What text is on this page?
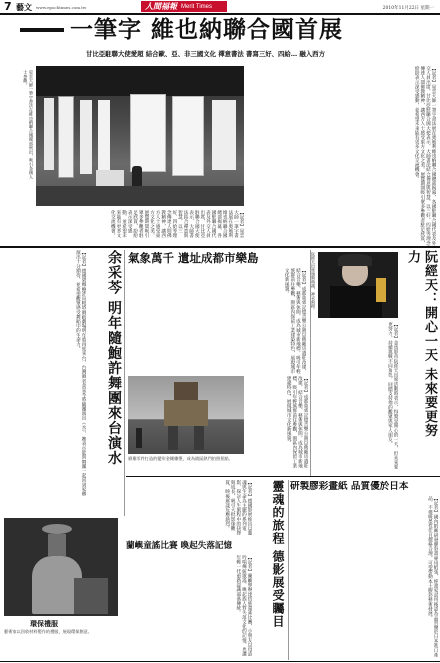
7 藝文 www.epochtimes.com.tw	人間福報 Merit Times	2010年11月22日 星期一
一筆字 維也納聯合國首展
甘比亞駐聯大使愛超 結合歐、亞、非三國文化 禪意書法 書寫三好、四給… 融入西方
星雲大師一筆字書法在維也納聯合國總部展出，吸引各國人士參觀。	【記者】星雲大師一筆字書法展在奧地利維也納聯合國總部揭幕，各國駐聯合國代表及外交人員出席，甘比亞駐聯合國大使表示，大師書法結合禪意與智慧，以三好、四給等理念傳達人間佛教精神，讓西方人士感受東方文化之美。展覽期間吸引眾多參觀者駐足欣賞，紛紛表示深受感動，並希望未來能有更多文化交流機會。
【記者】星雲大師一筆字書法展在奧地利維也納聯合國總部揭幕，各國駐聯合國代表及外交人員出席，甘比亞駐聯合國大使表示，大師書法結合禪意與智慧，以三好、四給等理念傳達人間佛教精神，讓西方人士感受東方文化之美。展覽期間吸引眾多參觀者駐足欣賞，紛紛表示深受感動，並希望未來能有更多文化交流機會。
【記者】德國碧娜鮑許烏帕塔舞蹈劇場明年將再度來台，台灣舞者余采芩將隨團演出《水》，她表示能與舞團一起回到家鄉演出十分期待，並希望觀眾感受舞蹈中的生命力。	余采芩 明年隨鮑許舞團來台演水
環保禮服
藝術家以回收材料製作的禮服，展現環保創意。
氣象萬千 遺址成都市樂島
【記者】成都東郊記憶音樂公園以舊廠房遺址改建，結合音樂、藝術與休閒，成為城市新地標，吸引年輕族群前往參觀，園區內保留工業建築特色，展現城市文化新風貌。
廢棄零件打造的變形金剛雕塑，成為園區熱門拍照景點。	【記者】成都東郊記憶音樂公園以舊廠房遺址改建，結合音樂、藝術與休閒，成為城市新地標，吸引年輕族群前往參觀，園區內保留工業建築特色，展現城市文化新風貌。
阮經天出席頒獎典禮，神采飛揚。	阮經天：開心一天 未來要更努力
【記者】金馬影帝阮經天出席活動時表示，得獎是開心的一天，但未來要更努力，持續挑戰不同角色，回饋支持他的觀眾與家人朋友。
【記者】德國影展推出以靈魂與生命為主題的系列電影，探討人生旅程中的抉擇與成長，吸引大批影迷觀賞，映後座談反應熱烈。
蘭嶼童謠比賽 喚起失落記憶
【記者】蘭嶼舉辦達悟族童謠比賽，小朋友以母語吟唱傳統歌謠，喚起族人對失落文化的記憶，也讓年輕一代重新認識部落傳統。	靈魂的旅程 德影展受矚目 研製膠彩畫紙 品質優於日本
【記者】國內紙廠研發膠彩畫專用紙張，經畫家試用後認為品質優於日本進口產品，不僅吸墨性佳且價格合理，可望帶動本土膠彩藝術發展。
